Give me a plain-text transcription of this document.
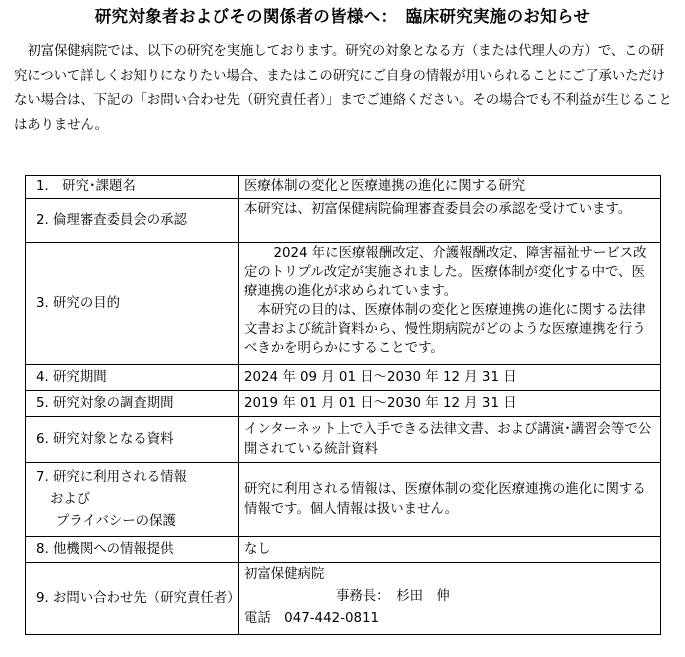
研究対象者およびその関係者の皆様へ：　臨床研究実施のお知らせ
初富保健病院では、以下の研究を実施しております。研究の対象となる方（または代理人の方）で、この研究について詳しくお知りになりたい場合、またはこの研究にご自身の情報が用いられることにご了承いただけない場合は、下記の「お問い合わせ先（研究責任者）」までご連絡ください。その場合でも不利益が生じることはありません。
1.　研究･課題名	医療体制の変化と医療連携の進化に関する研究
2. 倫理審査委員会の承認	本研究は、初富保健病院倫理審査委員会の承認を受けています。
3. 研究の目的	2024 年に医療報酬改定、介護報酬改定、障害福祉サービス改定のトリプル改定が実施されました。医療体制が変化する中で、医療連携の進化が求められています。
本研究の目的は、医療体制の変化と医療連携の進化に関する法律文書および統計資料から、慢性期病院がどのような医療連携を行うべきかを明らかにすることです。

4. 研究期間	2024 年 09 月 01 日～2030 年 12 月 31 日
5. 研究対象の調査期間	2019 年 01 月 01 日～2030 年 12 月 31 日
6. 研究対象となる資料	インターネット上で入手できる法律文書、および講演･講習会等で公開されている統計資料

7. 研究に利用される情報
および
プライバシーの保護	研究に利用される情報は、医療体制の変化医療連携の進化に関する情報です。個人情報は扱いません。
8. 他機関への情報提供	なし
9. お問い合わせ先（研究責任者）	初富保健病院
事務長：　杉田　伸
電話　047-442-0811
